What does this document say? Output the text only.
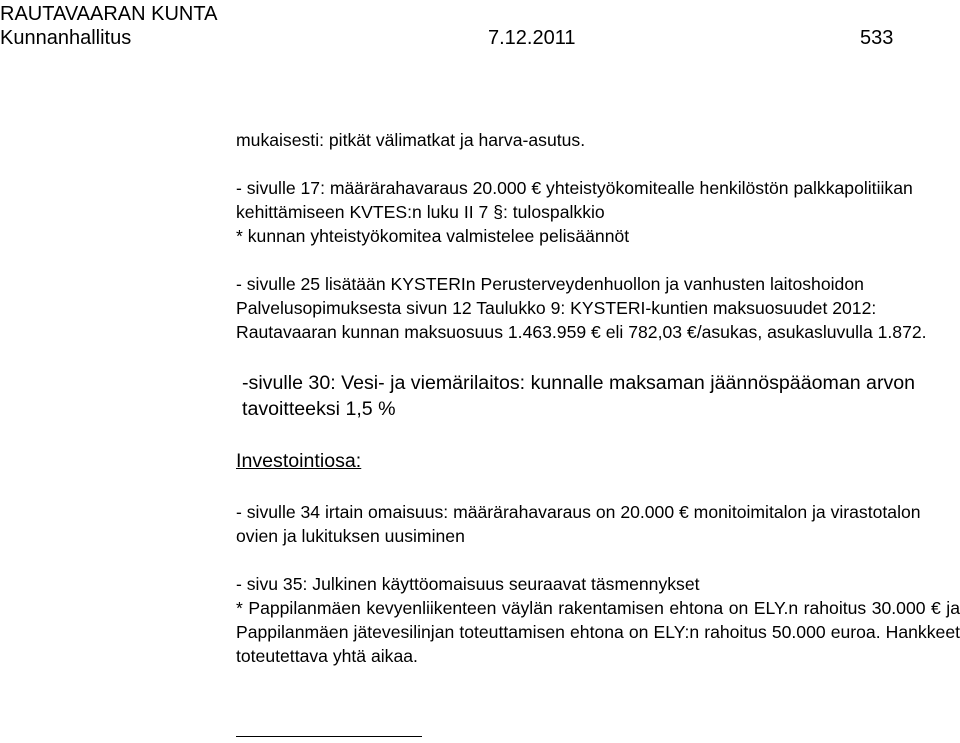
RAUTAVAARAN KUNTA
Kunnanhallitus	7.12.2011	533

mukaisesti: pitkät välimatkat ja harva-asutus.

- sivulle 17: määrärahavaraus 20.000 € yhteistyökomitealle henkilöstön palkkapolitiikan kehittämiseen KVTES:n luku II 7 §: tulospalkkio

* kunnan yhteistyökomitea valmistelee pelisäännöt

- sivulle 25 lisätään KYSTERIn Perusterveydenhuollon ja vanhusten laitoshoidon Palvelusopimuksesta sivun 12 Taulukko 9: KYSTERI-kuntien maksuosuudet 2012: Rautavaaran kunnan maksuosuus 1.463.959 € eli 782,03 €/asukas, asukasluvulla 1.872.

-sivulle 30: Vesi- ja viemärilaitos: kunnalle maksaman jäännöspääoman arvon tavoitteeksi 1,5 %

Investointiosa:

- sivulle 34 irtain omaisuus: määrärahavaraus on 20.000 € monitoimitalon ja virastotalon ovien ja lukituksen uusiminen

- sivu 35: Julkinen käyttöomaisuus seuraavat täsmennykset

* Pappilanmäen kevyenliikenteen väylän rakentamisen ehtona on ELY.n rahoitus 30.000 € ja Pappilanmäen jätevesilinjan toteuttamisen ehtona on ELY:n rahoitus 50.000 euroa. Hankkeet toteutettava yhtä aikaa.
